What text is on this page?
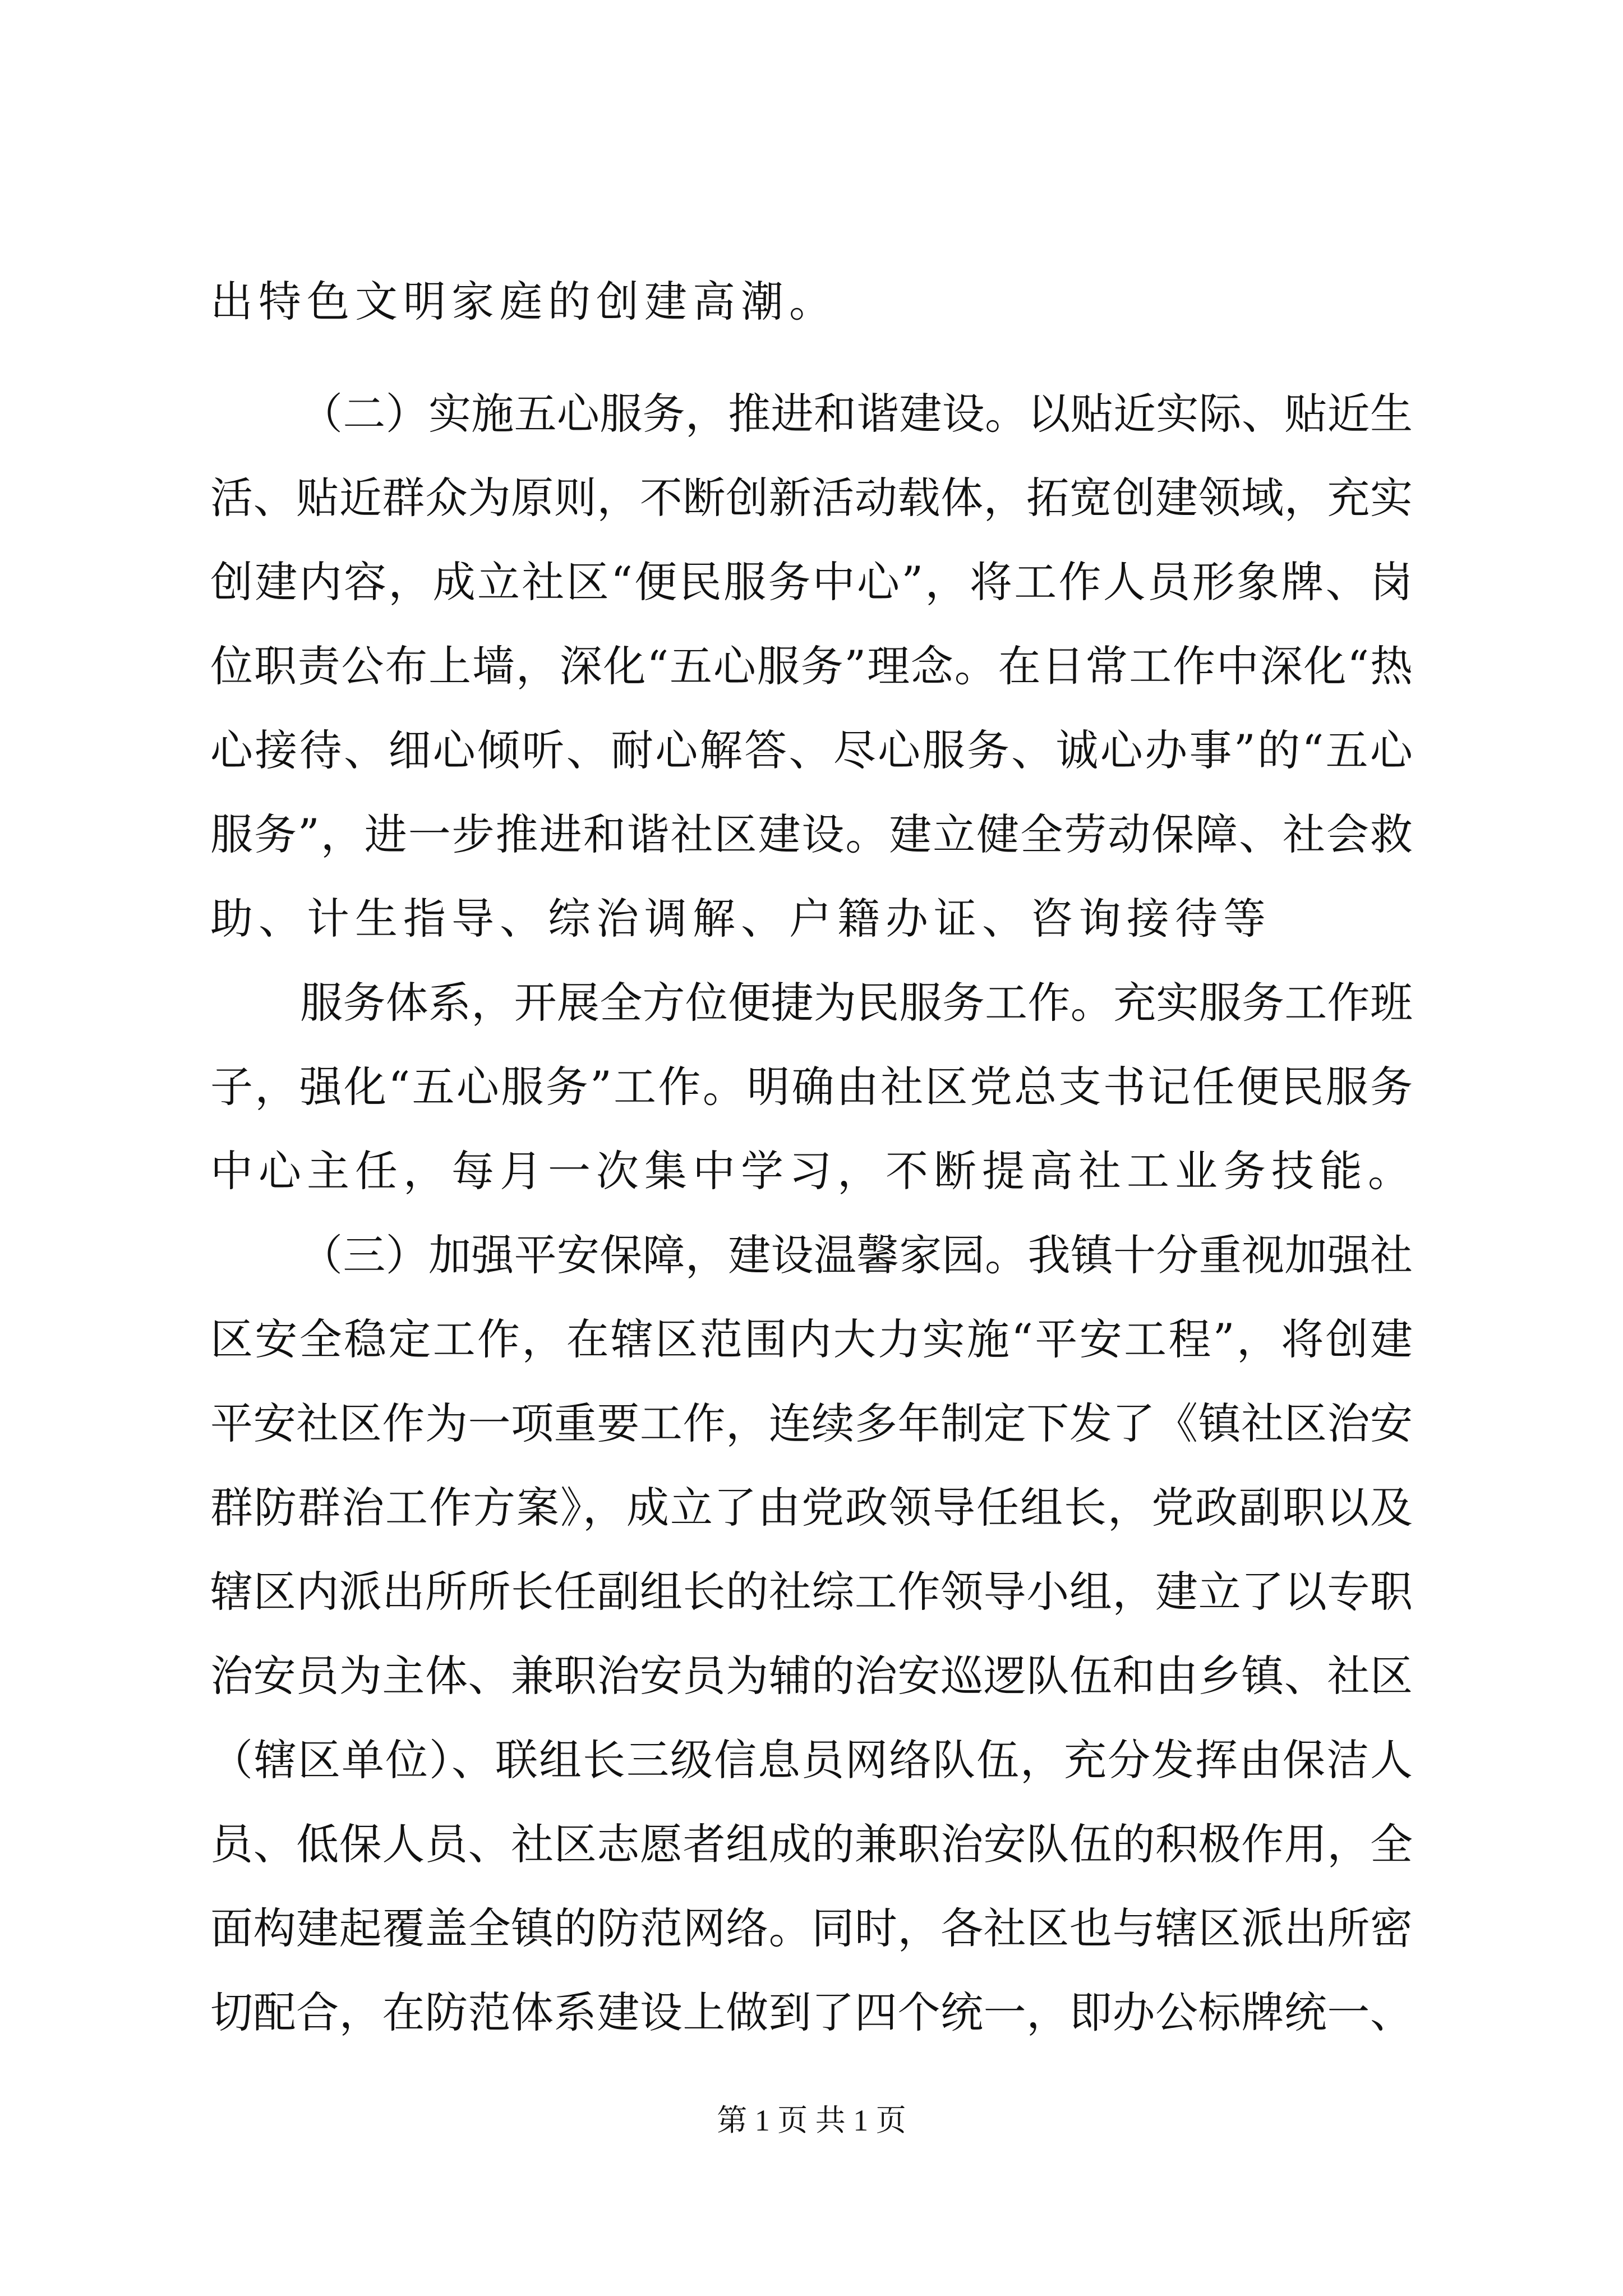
出特色文明家庭的创建高潮。
（二）实施五心服务，推进和谐建设。以贴近实际、贴近生
活、贴近群众为原则，不断创新活动载体，拓宽创建领域，充实
创建内容，成立社区“便民服务中心”，将工作人员形象牌、岗
位职责公布上墙，深化“五心服务”理念。在日常工作中深化“热
心接待、细心倾听、耐心解答、尽心服务、诚心办事”的“五心
服务”，进一步推进和谐社区建设。建立健全劳动保障、社会救
助、计生指导、综治调解、户籍办证、咨询接待等
服务体系，开展全方位便捷为民服务工作。充实服务工作班
子，强化“五心服务”工作。明确由社区党总支书记任便民服务
中心主任，每月一次集中学习，不断提高社工业务技能。
（三）加强平安保障，建设温馨家园。我镇十分重视加强社
区安全稳定工作，在辖区范围内大力实施“平安工程”，将创建
平安社区作为一项重要工作，连续多年制定下发了《镇社区治安
群防群治工作方案》，成立了由党政领导任组长，党政副职以及
辖区内派出所所长任副组长的社综工作领导小组，建立了以专职
治安员为主体、兼职治安员为辅的治安巡逻队伍和由乡镇、社区
（辖区单位）、联组长三级信息员网络队伍，充分发挥由保洁人
员、低保人员、社区志愿者组成的兼职治安队伍的积极作用，全
面构建起覆盖全镇的防范网络。同时，各社区也与辖区派出所密
切配合，在防范体系建设上做到了四个统一，即办公标牌统一、
第 1 页 共 1 页
